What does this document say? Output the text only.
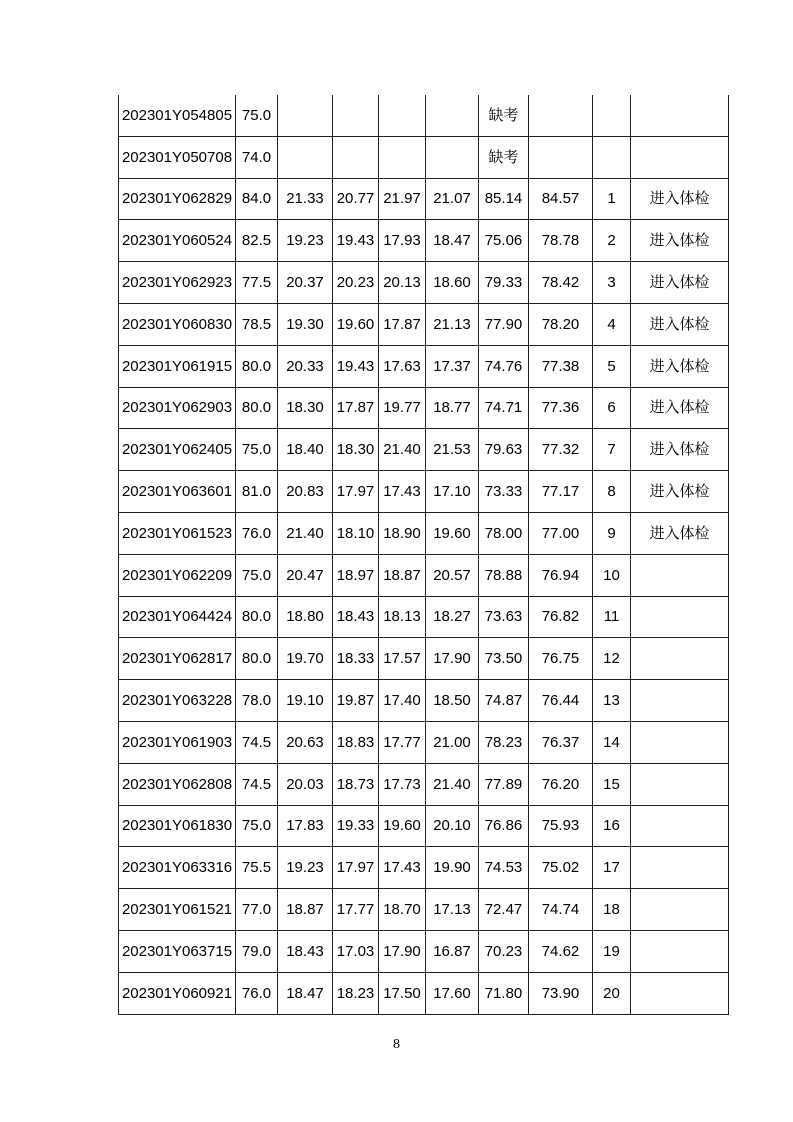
202301Y054805	75.0					缺考			
202301Y050708	74.0					缺考			
202301Y062829	84.0	21.33	20.77	21.97	21.07	85.14	84.57	1	进入体检
202301Y060524	82.5	19.23	19.43	17.93	18.47	75.06	78.78	2	进入体检
202301Y062923	77.5	20.37	20.23	20.13	18.60	79.33	78.42	3	进入体检
202301Y060830	78.5	19.30	19.60	17.87	21.13	77.90	78.20	4	进入体检
202301Y061915	80.0	20.33	19.43	17.63	17.37	74.76	77.38	5	进入体检
202301Y062903	80.0	18.30	17.87	19.77	18.77	74.71	77.36	6	进入体检
202301Y062405	75.0	18.40	18.30	21.40	21.53	79.63	77.32	7	进入体检
202301Y063601	81.0	20.83	17.97	17.43	17.10	73.33	77.17	8	进入体检
202301Y061523	76.0	21.40	18.10	18.90	19.60	78.00	77.00	9	进入体检
202301Y062209	75.0	20.47	18.97	18.87	20.57	78.88	76.94	10	
202301Y064424	80.0	18.80	18.43	18.13	18.27	73.63	76.82	11	
202301Y062817	80.0	19.70	18.33	17.57	17.90	73.50	76.75	12	
202301Y063228	78.0	19.10	19.87	17.40	18.50	74.87	76.44	13	
202301Y061903	74.5	20.63	18.83	17.77	21.00	78.23	76.37	14	
202301Y062808	74.5	20.03	18.73	17.73	21.40	77.89	76.20	15	
202301Y061830	75.0	17.83	19.33	19.60	20.10	76.86	75.93	16	
202301Y063316	75.5	19.23	17.97	17.43	19.90	74.53	75.02	17	
202301Y061521	77.0	18.87	17.77	18.70	17.13	72.47	74.74	18	
202301Y063715	79.0	18.43	17.03	17.90	16.87	70.23	74.62	19	
202301Y060921	76.0	18.47	18.23	17.50	17.60	71.80	73.90	20	
8
